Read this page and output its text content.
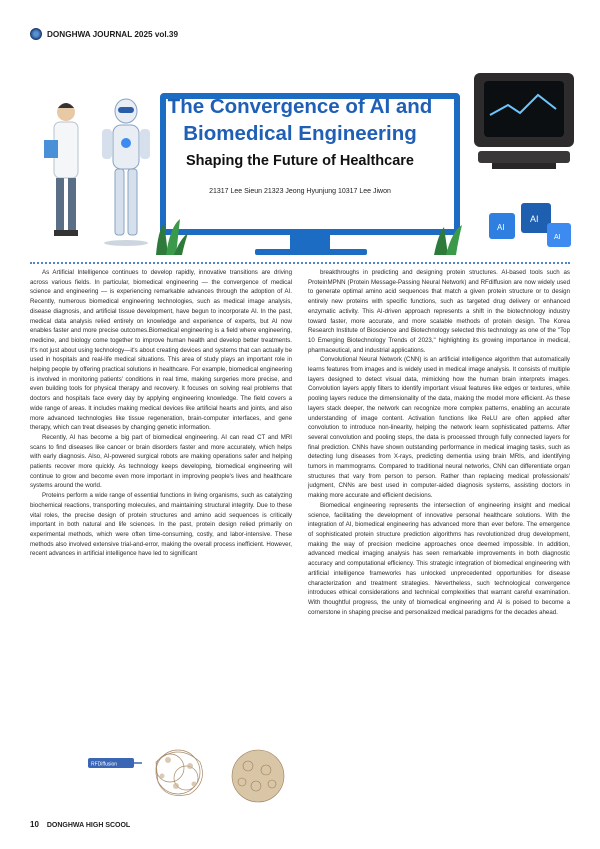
DONGHWA JOURNAL 2025 vol.39
The Convergence of AI and
Biomedical Engineering
Shaping the Future of Healthcare
21317 Lee Sieun 21323 Jeong Hyunjung 10317 Lee Jiwon
AI
AI
AI

As Artificial Intelligence continues to develop rapidly, innovative transitions are driving across various fields. In particular, biomedical engineering — the convergence of medical science and engineering — is experiencing remarkable advances through the adoption of AI. Recently, numerous biomedical engineering technologies, such as medical image analysis, disease diagnosis, and artificial tissue development, have begun to incorporate AI. In the past, medical data analysis relied entirely on knowledge and experience of experts, but AI now enables faster and more precise outcomes.Biomedical engineering is a field where engineering, medicine, and biology come together to improve human health and develop better treatments. It's not just about using technology—it's about creating devices and systems that can actually be used in hospitals and real-life medical situations. This area of study plays an important role in helping people by offering practical solutions in healthcare. For example, biomedical engineering is involved in monitoring patients' conditions in real time, making surgeries more precise, and even building tools for physical therapy and recovery. It focuses on solving real problems that doctors and hospitals face every day by applying engineering knowledge. The field covers a wide range of areas. It includes making medical devices like artificial hearts and joints, and also more advanced technologies like tissue regeneration, brain-computer interfaces, and gene therapy, which can treat diseases by changing genetic information.

Recently, AI has become a big part of biomedical engineering. AI can read CT and MRI scans to find diseases like cancer or brain disorders faster and more accurately, which helps with early diagnosis. Also, AI-powered surgical robots are making operations safer and helping patients recover more quickly. As technology keeps developing, biomedical engineering will continue to grow and become even more important in improving people's lives and healthcare systems around the world.

Proteins perform a wide range of essential functions in living organisms, such as catalyzing biochemical reactions, transporting molecules, and maintaining structural integrity. Due to these vital roles, the precise design of protein structures and amino acid sequences is critically important in both natural and life sciences. In the past, protein design relied primarily on experimental methods, which were often time-consuming, costly, and labor-intensive. These methods also involved extensive trial-and-error, making the overall process inefficient. However, recent advances in artificial intelligence have led to significant

breakthroughs in predicting and designing protein structures. AI-based tools such as ProteinMPNN (Protein Message-Passing Neural Network) and RFdiffusion are now widely used to generate optimal amino acid sequences that match a given protein structure or to design entirely new proteins with specific functions, such as targeted drug delivery or enhanced enzymatic activity. This AI-driven approach represents a shift in the biotechnology industry toward faster, more accurate, and more scalable methods of protein design. The Korea Research Institute of Bioscience and Biotechnology selected this technology as one of the "Top 10 Emerging Biotechnology Trends of 2023," highlighting its growing importance in medical, pharmaceutical, and industrial applications.

Convolutional Neural Network (CNN) is an artificial intelligence algorithm that automatically learns features from images and is widely used in medical image analysis. It consists of multiple layers designed to detect visual data, mimicking how the human brain interprets images. Convolution layers apply filters to identify important visual features like edges or textures, while pooling layers reduce the dimensionality of the data, making the model more efficient. As these layers stack deeper, the network can recognize more complex patterns, enabling an accurate understanding of image content. Activation functions like ReLU are often applied after convolution to introduce non-linearity, helping the network learn sophisticated patterns. After several convolution and pooling steps, the data is processed through fully connected layers for final prediction. CNNs have shown outstanding performance in medical imaging tasks, such as detecting lung diseases from X-rays, predicting dementia using brain MRIs, and identifying tumors in mammograms. Compared to traditional neural networks, CNN can differentiate organ structures that vary from person to person. Rather than replacing medical professionals' judgment, CNNs are best used in computer-aided diagnosis systems, assisting doctors in making more accurate and efficient decisions.

Biomedical engineering represents the intersection of engineering insight and medical science, facilitating the development of innovative personal healthcare solutions. With the integration of AI, biomedical engineering has advanced more than ever before. The emergence of sophisticated protein structure prediction algorithms has revolutionized drug development, making the way of precision medicine approaches once deemed impossible. In addition, advanced medical imaging analysis has seen remarkable improvements in both diagnostic accuracy and computational efficiency. This strategic integration of biomedical engineering with artificial intelligence frameworks has unlocked unprecedented opportunities for disease characterization and treatment strategies. Nevertheless, such technological convergence introduces ethical considerations and technical complexities that warrant careful examination. With thoughtful progress, the unity of biomedical engineering and AI is poised to become a cornerstone in shaping precise and personalized medical paradigms for the decades ahead.

RFDiffusion
10 DONGHWA HIGH SCOOL
